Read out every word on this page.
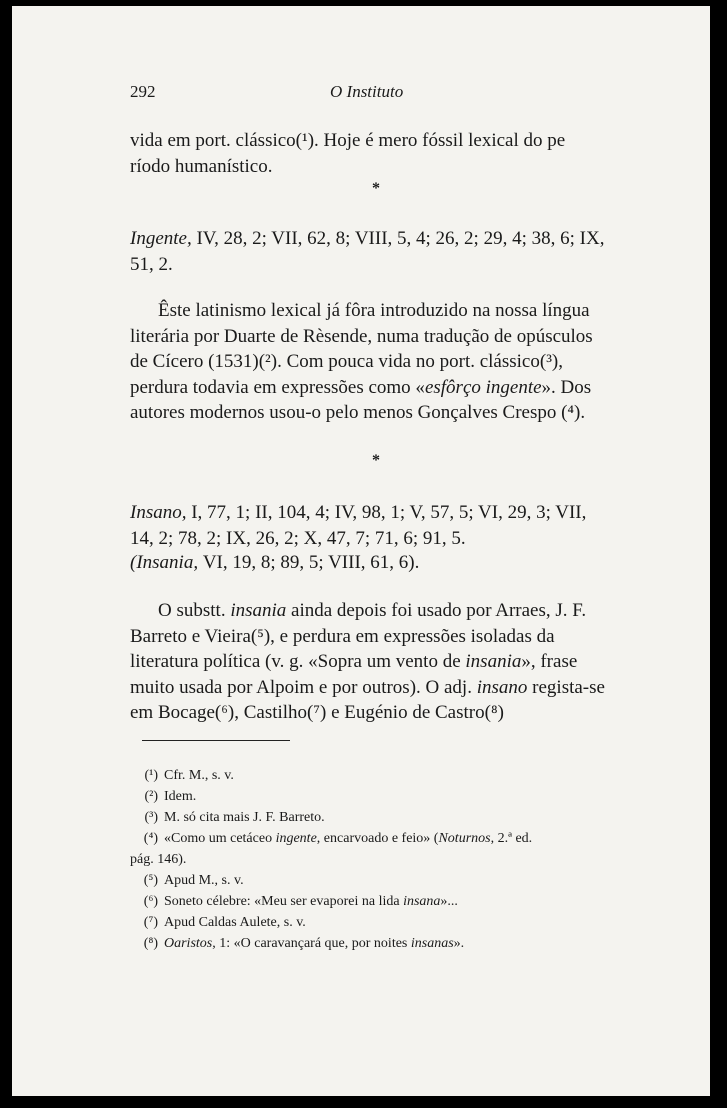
292	O Instituto
vida em port. clássico(¹). Hoje é mero fóssil lexical do pe ríodo humanístico.
*
Ingente, IV, 28, 2; VII, 62, 8; VIII, 5, 4; 26, 2; 29, 4; 38, 6; IX, 51, 2.
Êste latinismo lexical já fôra introduzido na nossa língua literária por Duarte de Rèsende, numa tradução de opúsculos de Cícero (1531)(²). Com pouca vida no port. clássico(³), perdura todavia em expressões como «esfôrço ingente». Dos autores modernos usou-o pelo menos Gonçalves Crespo (⁴).
*
Insano, I, 77, 1; II, 104, 4; IV, 98, 1; V, 57, 5; VI, 29, 3; VII, 14, 2; 78, 2; IX, 26, 2; X, 47, 7; 71, 6; 91, 5.
(Insania, VI, 19, 8; 89, 5; VIII, 61, 6).
O substt. insania ainda depois foi usado por Arraes, J. F. Barreto e Vieira(⁵), e perdura em expressões isoladas da literatura política (v. g. «Sopra um vento de insania», frase muito usada por Alpoim e por outros). O adj. insano regista-se em Bocage(⁶), Castilho(⁷) e Eugénio de Castro(⁸)
(¹) Cfr. M., s. v.
(²) Idem.
(³) M. só cita mais J. F. Barreto.
(⁴) «Como um cetáceo ingente, encarvoado e feio» (Noturnos, 2.ª ed.
pág. 146).
(⁵) Apud M., s. v.
(⁶) Soneto célebre: «Meu ser evaporei na lida insana»...
(⁷) Apud Caldas Aulete, s. v.
(⁸) Oaristos, 1: «O caravançará que, por noites insanas».
